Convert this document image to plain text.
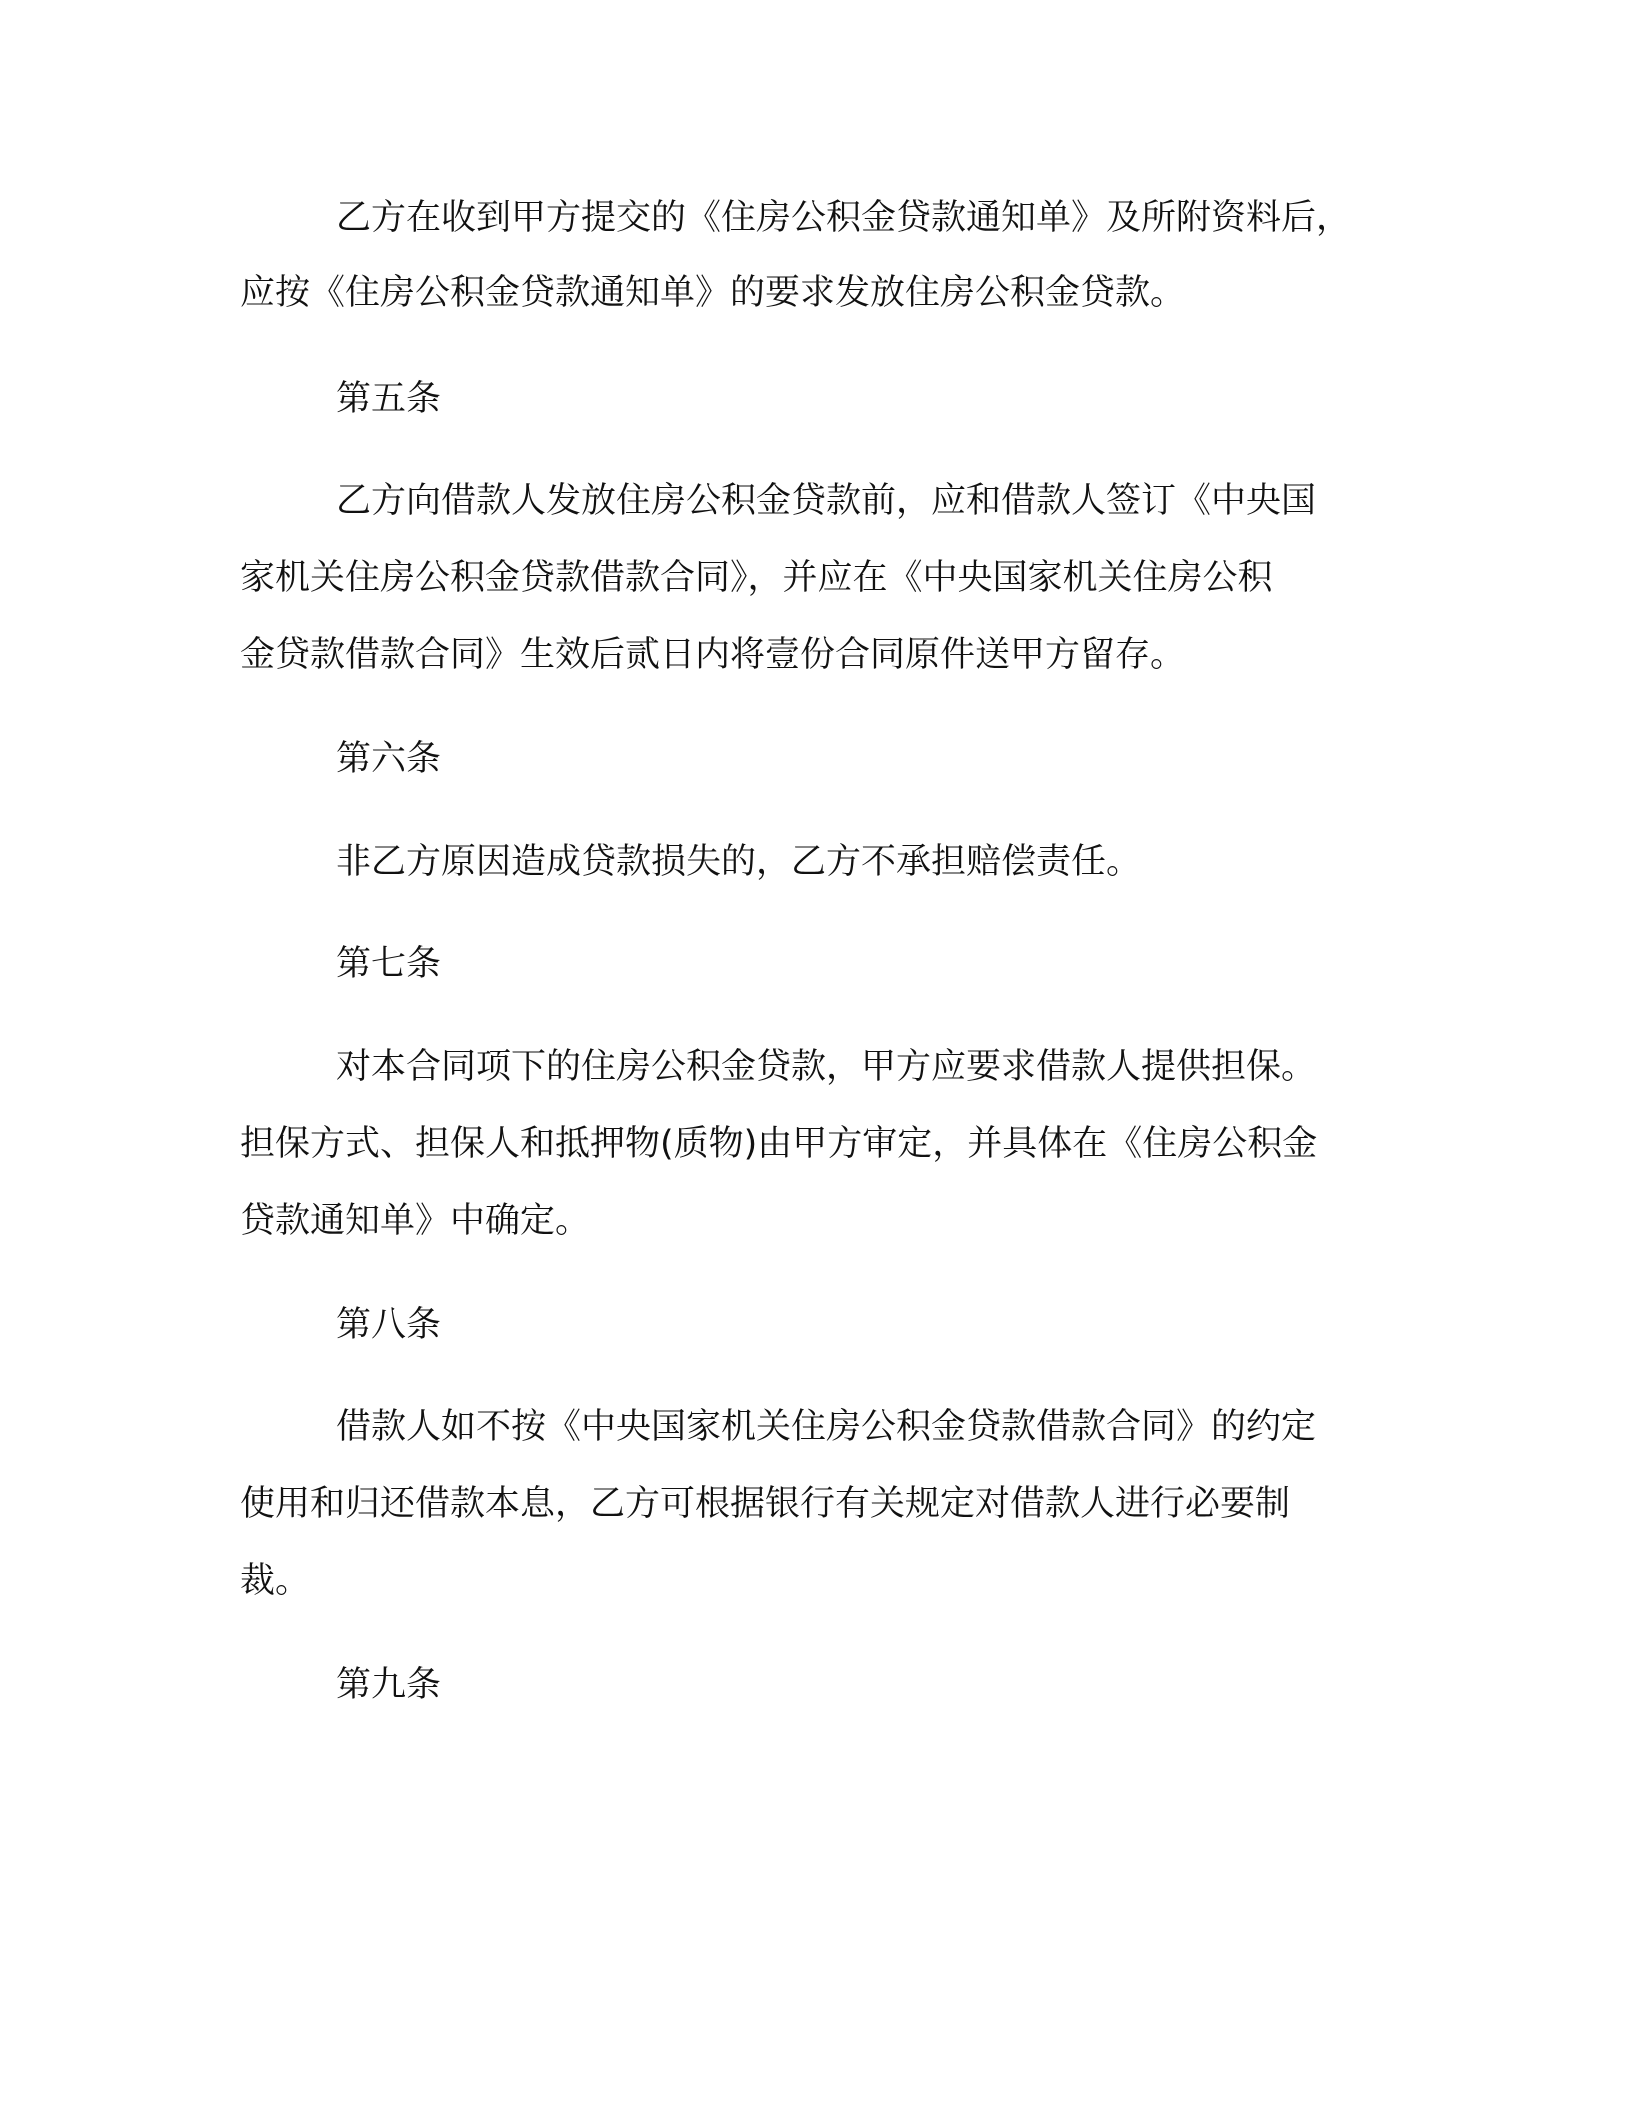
乙方在收到甲方提交的《住房公积金贷款通知单》及所附资料后，
应按《住房公积金贷款通知单》的要求发放住房公积金贷款。
第五条
乙方向借款人发放住房公积金贷款前，应和借款人签订《中央国
家机关住房公积金贷款借款合同》，并应在《中央国家机关住房公积
金贷款借款合同》生效后贰日内将壹份合同原件送甲方留存。
第六条
非乙方原因造成贷款损失的，乙方不承担赔偿责任。
第七条
对本合同项下的住房公积金贷款，甲方应要求借款人提供担保。
担保方式、担保人和抵押物(质物)由甲方审定，并具体在《住房公积金
贷款通知单》中确定。
第八条
借款人如不按《中央国家机关住房公积金贷款借款合同》的约定
使用和归还借款本息，乙方可根据银行有关规定对借款人进行必要制
裁。
第九条
